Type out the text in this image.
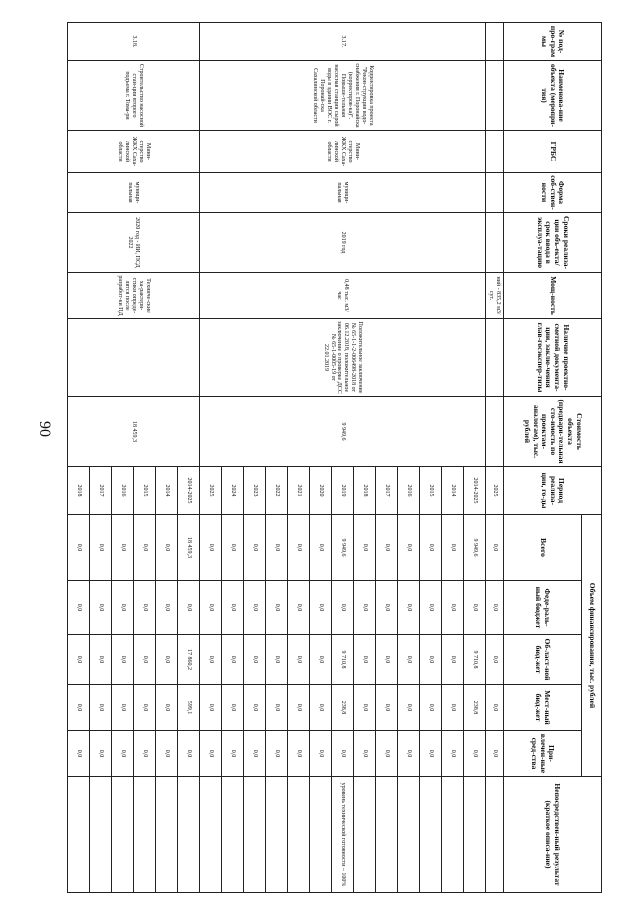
90
№ под-про-грам мы	Наименова-ние объекта (меропри-тия)	ГРБС	Форма соб-ствен-ности	Сроки реализа-ции объ-екта/срок ввода в эксплуа-тацию	Мощ-ность	Наличие проектно-сметной документа-ции, заклю-чения глав-госэкспер-тизы	Стоимость объекта (предвари-тельная сто-имость по проектам-аналогам), тыс. рублей	Период реализа-ции, го-ды	Объем финансирования, тыс. рублей					Непосредствен-ный результат (краткое описа-ние)
									Всего	Феде-раль-ный бюджет	Об-ласт-ной бюд-жет	Мест-ный бюд-жет	При-влечен-ные сред-ства	
					ний - 835,2 м3/сут.			2025	0,0	0,0	0,0	0,0	0,0	
3.17.	Корректировка проекта "Рекон-струкция водо-снабжения г. Поронайска (корректиров-ка)". Повыше-тельная насосная станция сырой воды в здании ВОС г. Поронай-ска Сахалинской области	Мини-стерство ЖКХ Саха-линской области	муници-пальная	2019 год	0,48 тыс. м3/час	Положительное заключение № 65-1-1-2-006498-2018 от 06.12.2018, положительное заключение о проверке ДСС № 65-1-0005-19 от 22.01.2019	9 949,6	2014-2025	9 949,6	0,0	9 710,8	238,8	0,0	
								2014	0,0	0,0	0,0	0,0	0,0	
								2015	0,0	0,0	0,0	0,0	0,0	
								2016	0,0	0,0	0,0	0,0	0,0	
								2017	0,0	0,0	0,0	0,0	0,0	
								2018	0,0	0,0	0,0	0,0	0,0	
								2019	9 949,6	0,0	9 710,8	238,8	0,0	уровень технической готовности – 100%
								2020	0,0	0,0	0,0	0,0	0,0	
								2021	0,0	0,0	0,0	0,0	0,0	
								2022	0,0	0,0	0,0	0,0	0,0	
								2023	0,0	0,0	0,0	0,0	0,0	
								2024	0,0	0,0	0,0	0,0	0,0	
								2025	0,0	0,0	0,0	0,0	0,0	
3.18.	Строительство насосной стан-ции второго подъема г. Тома-ри	Мини-стерство ЖКХ Саха-линской области	муници-пальная	2020 год - ИИ, ПСД 2022	Техниче-ские ха-рактери-стики опреде-лятся после разработ-ки ПД		18 459,3	2014-2025	18 459,3	0,0	17 860,2	599,1	0,0	
								2014	0,0	0,0	0,0	0,0	0,0	
								2015	0,0	0,0	0,0	0,0	0,0	
								2016	0,0	0,0	0,0	0,0	0,0	
								2017	0,0	0,0	0,0	0,0	0,0	
								2018	0,0	0,0	0,0	0,0	0,0	
